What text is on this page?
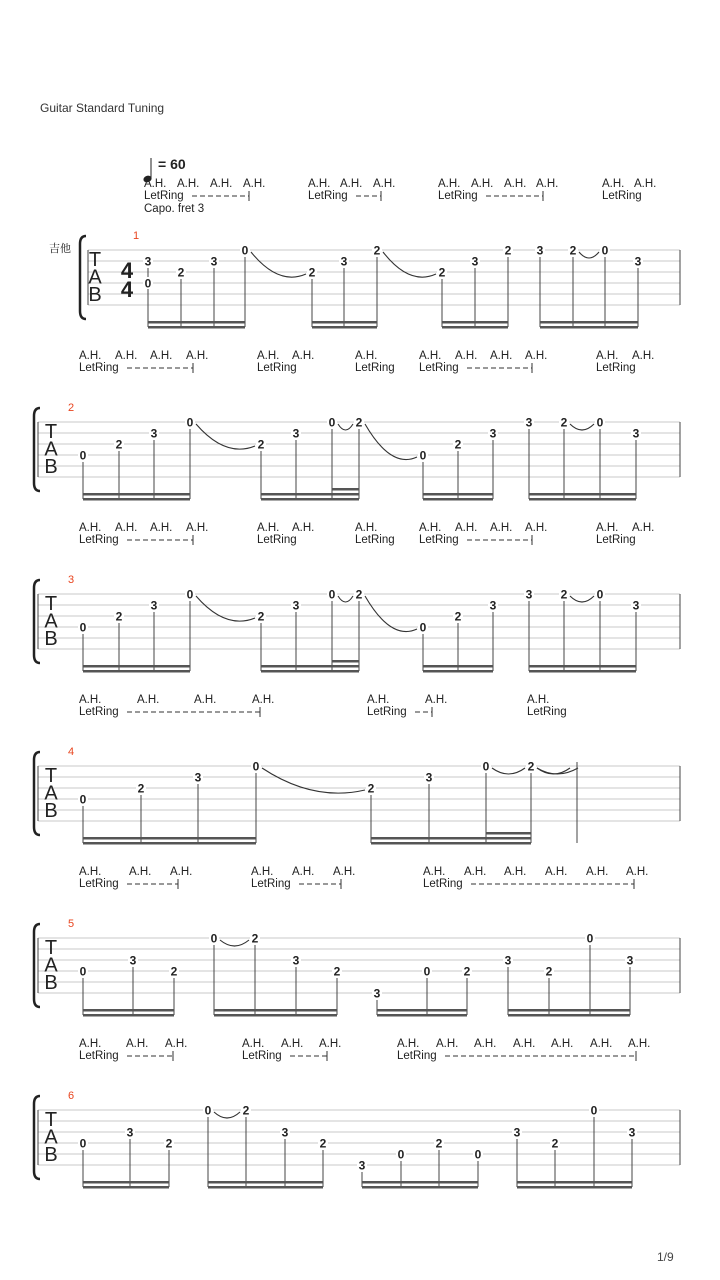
Guitar Standard Tuning
1/9
= 60
Capo. fret 3
吉他 T
A
B
4
4
1
A.H. A.H. A.H. A.H.	A.H. A.H. A.H.	A.H. A.H. A.H. A.H.	A.H. A.H.
LetRing	LetRing	LetRing	LetRing
3
0
2
3
0
2
3
2
2
3
2 3 2 0
3
T
A
B
2
A.H. A.H. A.H. A.H.	A.H. A.H.	A.H.	A.H. A.H. A.H. A.H.	A.H. A.H.
LetRing	LetRing	LetRing LetRing	LetRing
0
2
3
0
2
3
0 2
0
2
3
3 2 0
3
T
A
B
3
A.H. A.H. A.H. A.H.	A.H. A.H.	A.H.	A.H. A.H. A.H. A.H.	A.H. A.H.
LetRing	LetRing	LetRing LetRing	LetRing
0
2
3
0
2
3
0 2
0
2
3
3 2 0
3
T
A
B
4
A.H.	A.H.	A.H.	A.H.	A.H.	A.H.	A.H.
LetRing	LetRing	LetRing
0
2
3
0
2
3
0	2
T
A
B
5
A.H. A.H. A.H.	A.H. A.H. A.H.	A.H. A.H. A.H. A.H. A.H. A.H.
LetRing	LetRing	LetRing
0
3
2
0	2
3
2
3
0	2
3
2
0
3
T
A
B
6
A.H. A.H. A.H.	A.H. A.H. A.H.	A.H. A.H. A.H. A.H. A.H. A.H. A.H.
LetRing	LetRing	LetRing
0
3
2
0	2
3
2
3
0
2
0
3
2
0
3
